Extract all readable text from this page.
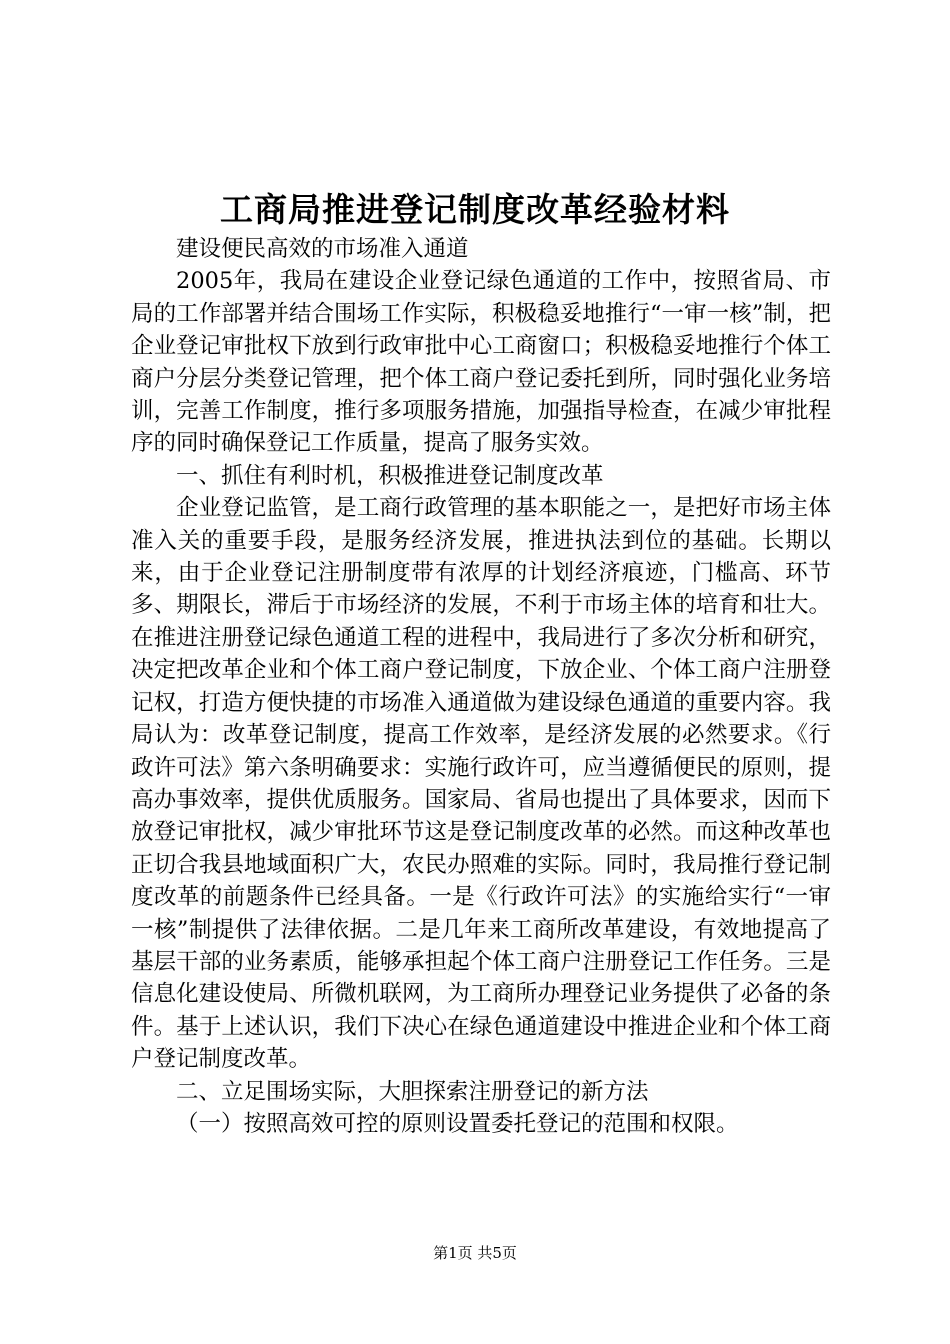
工商局推进登记制度改革经验材料

建设便民高效的市场准入通道

2005年，我局在建设企业登记绿色通道的工作中，按照省局、市局的工作部署并结合围场工作实际，积极稳妥地推行“一审一核”制，把企业登记审批权下放到行政审批中心工商窗口；积极稳妥地推行个体工商户分层分类登记管理，把个体工商户登记委托到所，同时强化业务培训，完善工作制度，推行多项服务措施，加强指导检查，在减少审批程序的同时确保登记工作质量，提高了服务实效。

一、抓住有利时机，积极推进登记制度改革

企业登记监管，是工商行政管理的基本职能之一，是把好市场主体准入关的重要手段，是服务经济发展，推进执法到位的基础。长期以来，由于企业登记注册制度带有浓厚的计划经济痕迹，门槛高、环节多、期限长，滞后于市场经济的发展，不利于市场主体的培育和壮大。在推进注册登记绿色通道工程的进程中，我局进行了多次分析和研究，决定把改革企业和个体工商户登记制度，下放企业、个体工商户注册登记权，打造方便快捷的市场准入通道做为建设绿色通道的重要内容。我局认为：改革登记制度，提高工作效率，是经济发展的必然要求。《行政许可法》第六条明确要求：实施行政许可，应当遵循便民的原则，提高办事效率，提供优质服务。国家局、省局也提出了具体要求，因而下放登记审批权，减少审批环节这是登记制度改革的必然。而这种改革也正切合我县地域面积广大，农民办照难的实际。同时，我局推行登记制度改革的前题条件已经具备。一是《行政许可法》的实施给实行“一审一核”制提供了法律依据。二是几年来工商所改革建设，有效地提高了基层干部的业务素质，能够承担起个体工商户注册登记工作任务。三是信息化建设使局、所微机联网，为工商所办理登记业务提供了必备的条件。基于上述认识，我们下决心在绿色通道建设中推进企业和个体工商户登记制度改革。

二、立足围场实际，大胆探索注册登记的新方法

（一）按照高效可控的原则设置委托登记的范围和权限。

第1页 共5页
